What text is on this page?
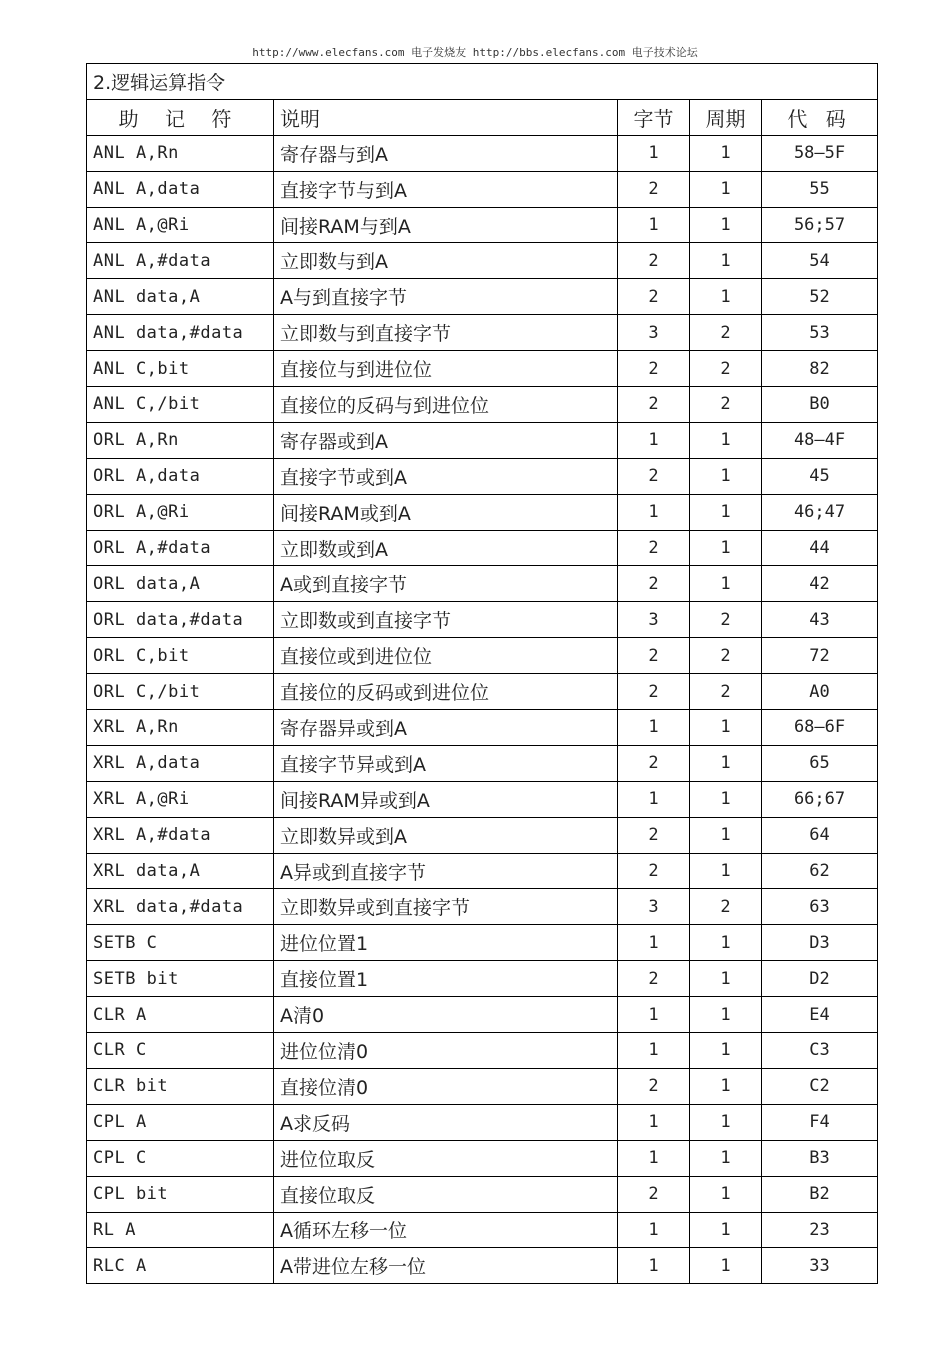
http://www.elecfans.com 电子发烧友 http://bbs.elecfans.com 电子技术论坛
2.逻辑运算指令				
助 记 符	说明	字节	周期	代 码
ANL A,Rn	寄存器与到A	1	1	58—5F
ANL A,data	直接字节与到A	2	1	55
ANL A,@Ri	间接RAM与到A	1	1	56;57
ANL A,#data	立即数与到A	2	1	54
ANL data,A	A与到直接字节	2	1	52
ANL data,#data	立即数与到直接字节	3	2	53
ANL C,bit	直接位与到进位位	2	2	82
ANL C,/bit	直接位的反码与到进位位	2	2	B0
ORL A,Rn	寄存器或到A	1	1	48—4F
ORL A,data	直接字节或到A	2	1	45
ORL A,@Ri	间接RAM或到A	1	1	46;47
ORL A,#data	立即数或到A	2	1	44
ORL data,A	A或到直接字节	2	1	42
ORL data,#data	立即数或到直接字节	3	2	43
ORL C,bit	直接位或到进位位	2	2	72
ORL C,/bit	直接位的反码或到进位位	2	2	A0
XRL A,Rn	寄存器异或到A	1	1	68—6F
XRL A,data	直接字节异或到A	2	1	65
XRL A,@Ri	间接RAM异或到A	1	1	66;67
XRL A,#data	立即数异或到A	2	1	64
XRL data,A	A异或到直接字节	2	1	62
XRL data,#data	立即数异或到直接字节	3	2	63
SETB C	进位位置1	1	1	D3
SETB bit	直接位置1	2	1	D2
CLR A	A清0	1	1	E4
CLR C	进位位清0	1	1	C3
CLR bit	直接位清0	2	1	C2
CPL A	A求反码	1	1	F4
CPL C	进位位取反	1	1	B3
CPL bit	直接位取反	2	1	B2
RL A	A循环左移一位	1	1	23
RLC A	A带进位左移一位	1	1	33
